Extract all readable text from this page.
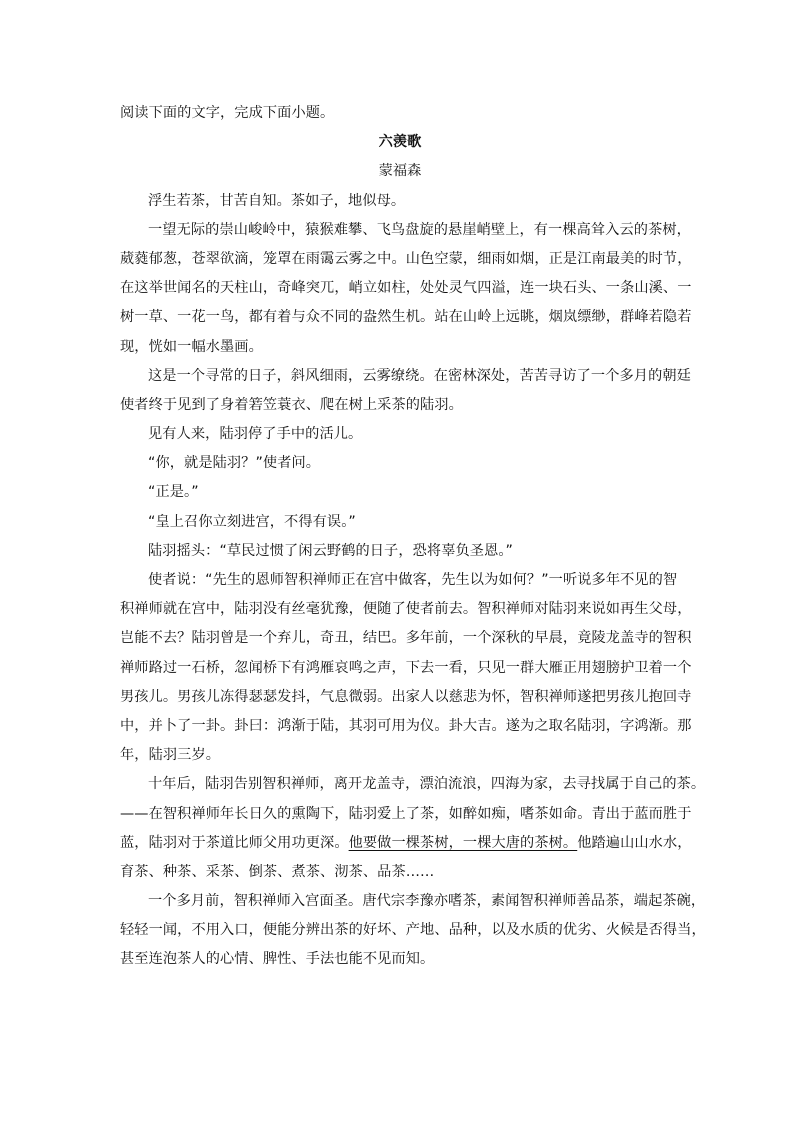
阅读下面的文字，完成下面小题。

六羡歌

蒙福森

浮生若茶，甘苦自知。茶如子，地似母。

一望无际的崇山峻岭中，猿猴难攀、飞鸟盘旋的悬崖峭壁上，有一棵高耸入云的茶树，

葳蕤郁葱，苍翠欲滴，笼罩在雨霭云雾之中。山色空蒙，细雨如烟，正是江南最美的时节，

在这举世闻名的天柱山，奇峰突兀，峭立如柱，处处灵气四溢，连一块石头、一条山溪、一

树一草、一花一鸟，都有着与众不同的盎然生机。站在山岭上远眺，烟岚缥缈，群峰若隐若

现，恍如一幅水墨画。

这是一个寻常的日子，斜风细雨，云雾缭绕。在密林深处，苦苦寻访了一个多月的朝廷

使者终于见到了身着箬笠蓑衣、爬在树上采茶的陆羽。

见有人来，陆羽停了手中的活儿。

“你，就是陆羽？”使者问。

“正是。”

“皇上召你立刻进宫，不得有误。”

陆羽摇头：“草民过惯了闲云野鹤的日子，恐将辜负圣恩。”

使者说：“先生的恩师智积禅师正在宫中做客，先生以为如何？”一听说多年不见的智

积禅师就在宫中，陆羽没有丝毫犹豫，便随了使者前去。智积禅师对陆羽来说如再生父母，

岂能不去？陆羽曾是一个弃儿，奇丑，结巴。多年前，一个深秋的早晨，竟陵龙盖寺的智积

禅师路过一石桥，忽闻桥下有鸿雁哀鸣之声，下去一看，只见一群大雁正用翅膀护卫着一个

男孩儿。男孩儿冻得瑟瑟发抖，气息微弱。出家人以慈悲为怀，智积禅师遂把男孩儿抱回寺

中，并卜了一卦。卦曰：鸿渐于陆，其羽可用为仪。卦大吉。遂为之取名陆羽，字鸿渐。那

年，陆羽三岁。

十年后，陆羽告别智积禅师，离开龙盖寺，漂泊流浪，四海为家，去寻找属于自己的茶。

——在智积禅师年长日久的熏陶下，陆羽爱上了茶，如醉如痴，嗜茶如命。青出于蓝而胜于

蓝，陆羽对于茶道比师父用功更深。他要做一棵茶树，一棵大唐的茶树。他踏遍山山水水，

育茶、种茶、采茶、倒茶、煮茶、沏茶、品茶……

一个多月前，智积禅师入宫面圣。唐代宗李豫亦嗜茶，素闻智积禅师善品茶，端起茶碗，

轻轻一闻，不用入口，便能分辨出茶的好坏、产地、品种，以及水质的优劣、火候是否得当，

甚至连泡茶人的心情、脾性、手法也能不见而知。
